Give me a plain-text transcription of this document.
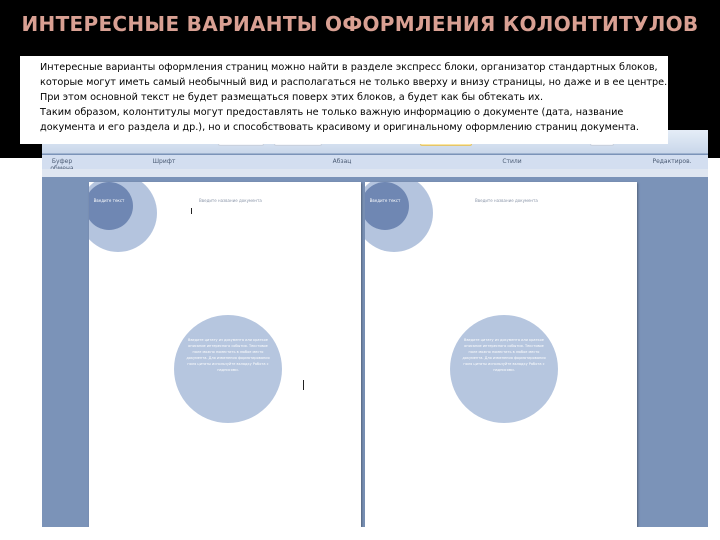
ИНТЕРЕСНЫЕ ВАРИАНТЫ ОФОРМЛЕНИЯ КОЛОНТИТУЛОВ
Буфер	Шрифт	Абзац	Стили	Редактиров.
Введите текст	Введите название документа
Введите цитату из документа или краткое описание интересного события. Текстовое поле можно поместить в любое место документа. Для изменения форматирования поля цитаты используйте вкладку Работа с надписями.
Введите текст	Введите название документа
Введите цитату из документа или краткое описание интересного события. Текстовое поле можно поместить в любое место документа. Для изменения форматирования поля цитаты используйте вкладку Работа с надписями.
Интересные варианты оформления страниц можно найти в разделе экспресс блоки, организатор стандартных блоков,
которые могут иметь самый необычный вид и располагаться не только вверху и внизу страницы, но даже и в ее центре.
При этом основной текст не будет размещаться поверх этих блоков, а будет как бы обтекать их.
Таким образом, колонтитулы могут предоставлять не только важную информацию о документе (дата, название
документа и его раздела и др.), но и способствовать красивому и оригинальному оформлению страниц документа.
